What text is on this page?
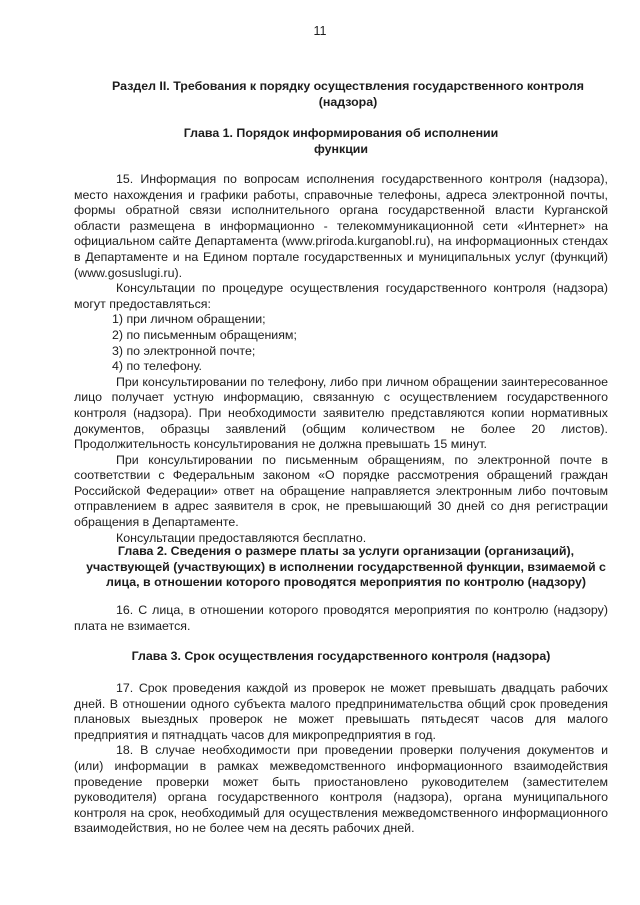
11

Раздел II. Требования к порядку осуществления государственного контроля (надзора)

Глава 1. Порядок информирования об исполнении

функции

15. Информация по вопросам исполнения государственного контроля (надзора), место нахождения и графики работы, справочные телефоны, адреса электронной почты, формы обратной связи исполнительного органа государственной власти Курганской области размещена в информационно - телекоммуникационной сети «Интернет» на официальном сайте Департамента (www.priroda.kurganobl.ru), на информационных стендах в Департаменте и на Едином портале государственных и муниципальных услуг (функций) (www.gosuslugi.ru).

Консультации по процедуре осуществления государственного контроля (надзора) могут предоставляться:

1) при личном обращении;

2) по письменным обращениям;

3) по электронной почте;

4) по телефону.

При консультировании по телефону, либо при личном обращении заинтересованное лицо получает устную информацию, связанную с осуществлением государственного контроля (надзора). При необходимости заявителю представляются копии нормативных документов, образцы заявлений (общим количеством не более 20 листов). Продолжительность консультирования не должна превышать 15 минут.

При консультировании по письменным обращениям, по электронной почте в соответствии с Федеральным законом «О порядке рассмотрения обращений граждан Российской Федерации» ответ на обращение направляется электронным либо почтовым отправлением в адрес заявителя в срок, не превышающий 30 дней со дня регистрации обращения в Департаменте.

Консультации предоставляются бесплатно.

Глава 2. Сведения о размере платы за услуги организации (организаций), участвующей (участвующих) в исполнении государственной функции, взимаемой с лица, в отношении которого проводятся мероприятия по контролю (надзору)

16. С лица, в отношении которого проводятся мероприятия по контролю (надзору) плата не взимается.

Глава 3. Срок осуществления государственного контроля (надзора)

17. Срок проведения каждой из проверок не может превышать двадцать рабочих дней. В отношении одного субъекта малого предпринимательства общий срок проведения плановых выездных проверок не может превышать пятьдесят часов для малого предприятия и пятнадцать часов для микропредприятия в год.

18. В случае необходимости при проведении проверки получения документов и (или) информации в рамках межведомственного информационного взаимодействия проведение проверки может быть приостановлено руководителем (заместителем руководителя) органа государственного контроля (надзора), органа муниципального контроля на срок, необходимый для осуществления межведомственного информационного взаимодействия, но не более чем на десять рабочих дней.
